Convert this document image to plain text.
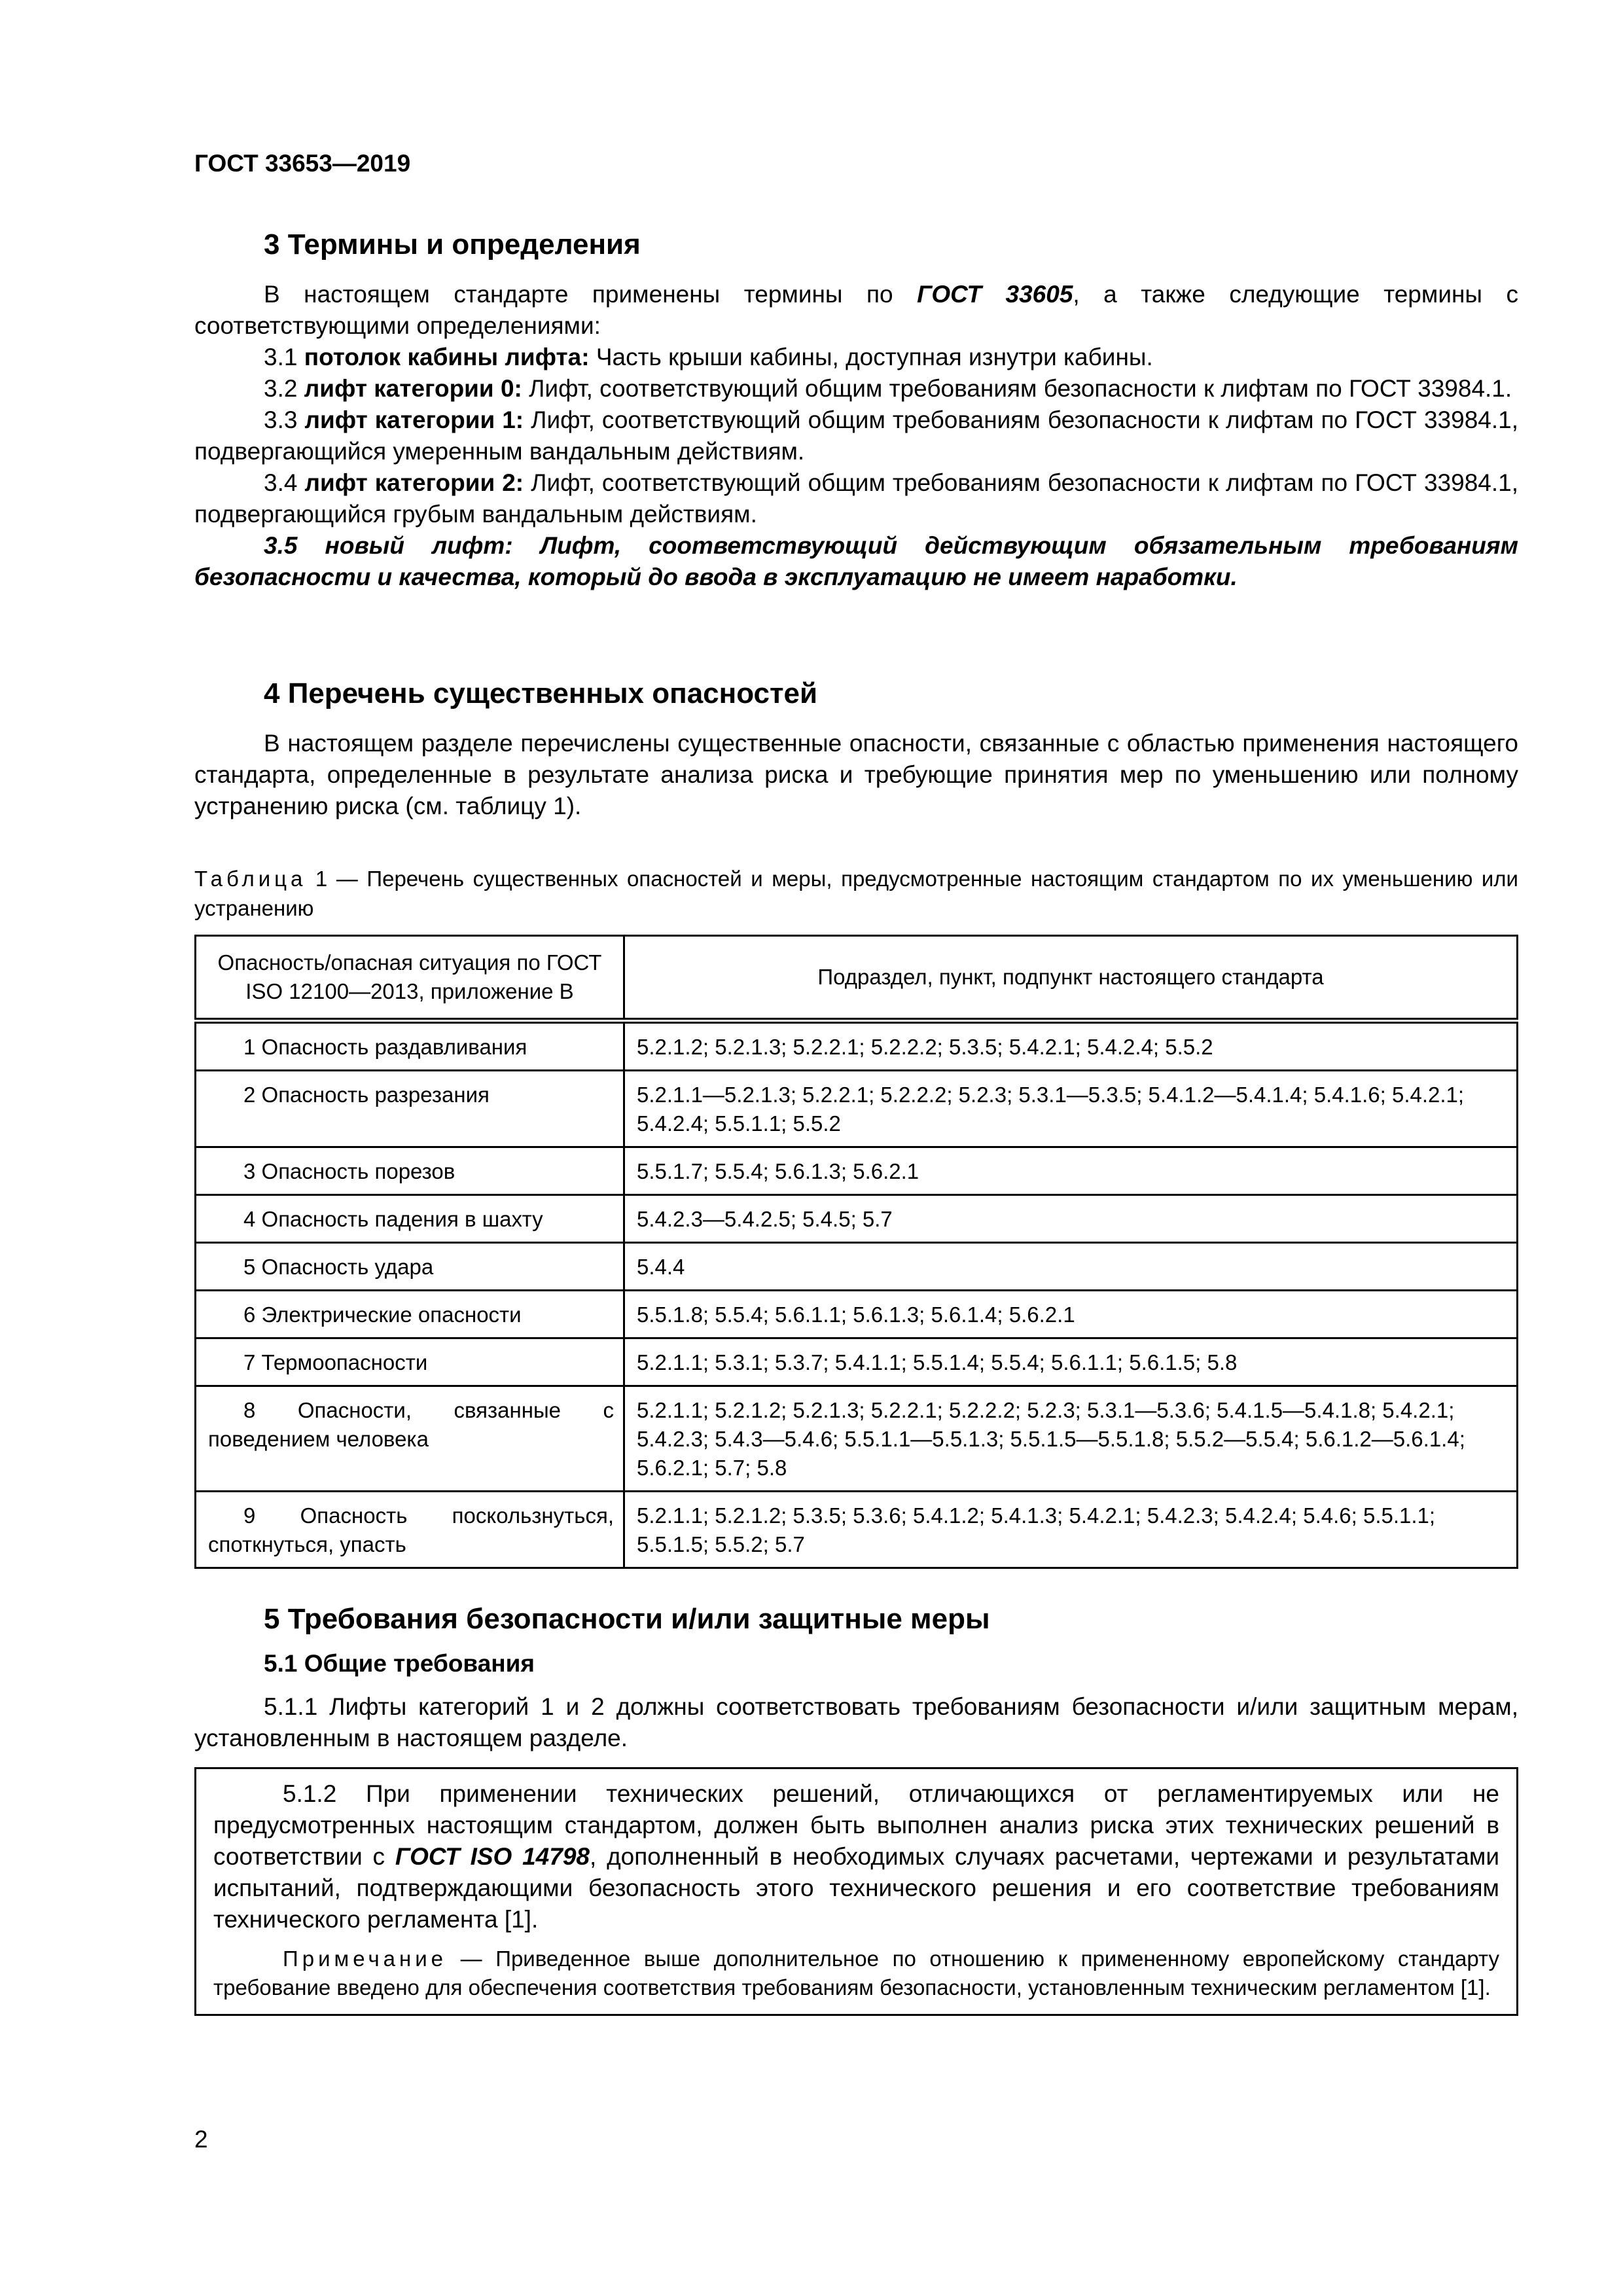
ГОСТ 33653—2019
3 Термины и определения

В настоящем стандарте применены термины по ГОСТ 33605, а также следующие термины с соответствующими определениями:

3.1 потолок кабины лифта: Часть крыши кабины, доступная изнутри кабины.

3.2 лифт категории 0: Лифт, соответствующий общим требованиям безопасности к лифтам по ГОСТ 33984.1.

3.3 лифт категории 1: Лифт, соответствующий общим требованиям безопасности к лифтам по ГОСТ 33984.1, подвергающийся умеренным вандальным действиям.

3.4 лифт категории 2: Лифт, соответствующий общим требованиям безопасности к лифтам по ГОСТ 33984.1, подвергающийся грубым вандальным действиям.

3.5 новый лифт: Лифт, соответствующий действующим обязательным требованиям безопасности и качества, который до ввода в эксплуатацию не имеет наработки.

4 Перечень существенных опасностей

В настоящем разделе перечислены существенные опасности, связанные с областью применения настоящего стандарта, определенные в результате анализа риска и требующие принятия мер по уменьшению или полному устранению риска (см. таблицу 1).

Таблица 1 — Перечень существенных опасностей и меры, предусмотренные настоящим стандартом по их уменьшению или устранению
Опасность/опасная ситуация по ГОСТ ISO 12100—2013, приложение В	Подраздел, пункт, подпункт настоящего стандарта

1 Опасность раздавливания	5.2.1.2; 5.2.1.3; 5.2.2.1; 5.2.2.2; 5.3.5; 5.4.2.1; 5.4.2.4; 5.5.2

2 Опасность разрезания	5.2.1.1—5.2.1.3; 5.2.2.1; 5.2.2.2; 5.2.3; 5.3.1—5.3.5; 5.4.1.2—5.4.1.4; 5.4.1.6; 5.4.2.1; 5.4.2.4; 5.5.1.1; 5.5.2

3 Опасность порезов	5.5.1.7; 5.5.4; 5.6.1.3; 5.6.2.1

4 Опасность падения в шахту	5.4.2.3—5.4.2.5; 5.4.5; 5.7

5 Опасность удара	5.4.4

6 Электрические опасности	5.5.1.8; 5.5.4; 5.6.1.1; 5.6.1.3; 5.6.1.4; 5.6.2.1

7 Термоопасности	5.2.1.1; 5.3.1; 5.3.7; 5.4.1.1; 5.5.1.4; 5.5.4; 5.6.1.1; 5.6.1.5; 5.8

8 Опасности, связанные с поведением человека	5.2.1.1; 5.2.1.2; 5.2.1.3; 5.2.2.1; 5.2.2.2; 5.2.3; 5.3.1—5.3.6; 5.4.1.5—5.4.1.8; 5.4.2.1; 5.4.2.3; 5.4.3—5.4.6; 5.5.1.1—5.5.1.3; 5.5.1.5—5.5.1.8; 5.5.2—5.5.4; 5.6.1.2—5.6.1.4; 5.6.2.1; 5.7; 5.8

9 Опасность поскользнуться, споткнуться, упасть	5.2.1.1; 5.2.1.2; 5.3.5; 5.3.6; 5.4.1.2; 5.4.1.3; 5.4.2.1; 5.4.2.3; 5.4.2.4; 5.4.6; 5.5.1.1; 5.5.1.5; 5.5.2; 5.7
5 Требования безопасности и/или защитные меры
5.1 Общие требования

5.1.1 Лифты категорий 1 и 2 должны соответствовать требованиям безопасности и/или защитным мерам, установленным в настоящем разделе.

5.1.2 При применении технических решений, отличающихся от регламентируемых или не предусмотренных настоящим стандартом, должен быть выполнен анализ риска этих технических решений в соответствии с ГОСТ ISO 14798, дополненный в необходимых случаях расчетами, чертежами и результатами испытаний, подтверждающими безопасность этого технического решения и его соответствие требованиям технического регламента [1].

Примечание — Приведенное выше дополнительное по отношению к примененному европейскому стандарту требование введено для обеспечения соответствия требованиям безопасности, установленным техническим регламентом [1].

2
